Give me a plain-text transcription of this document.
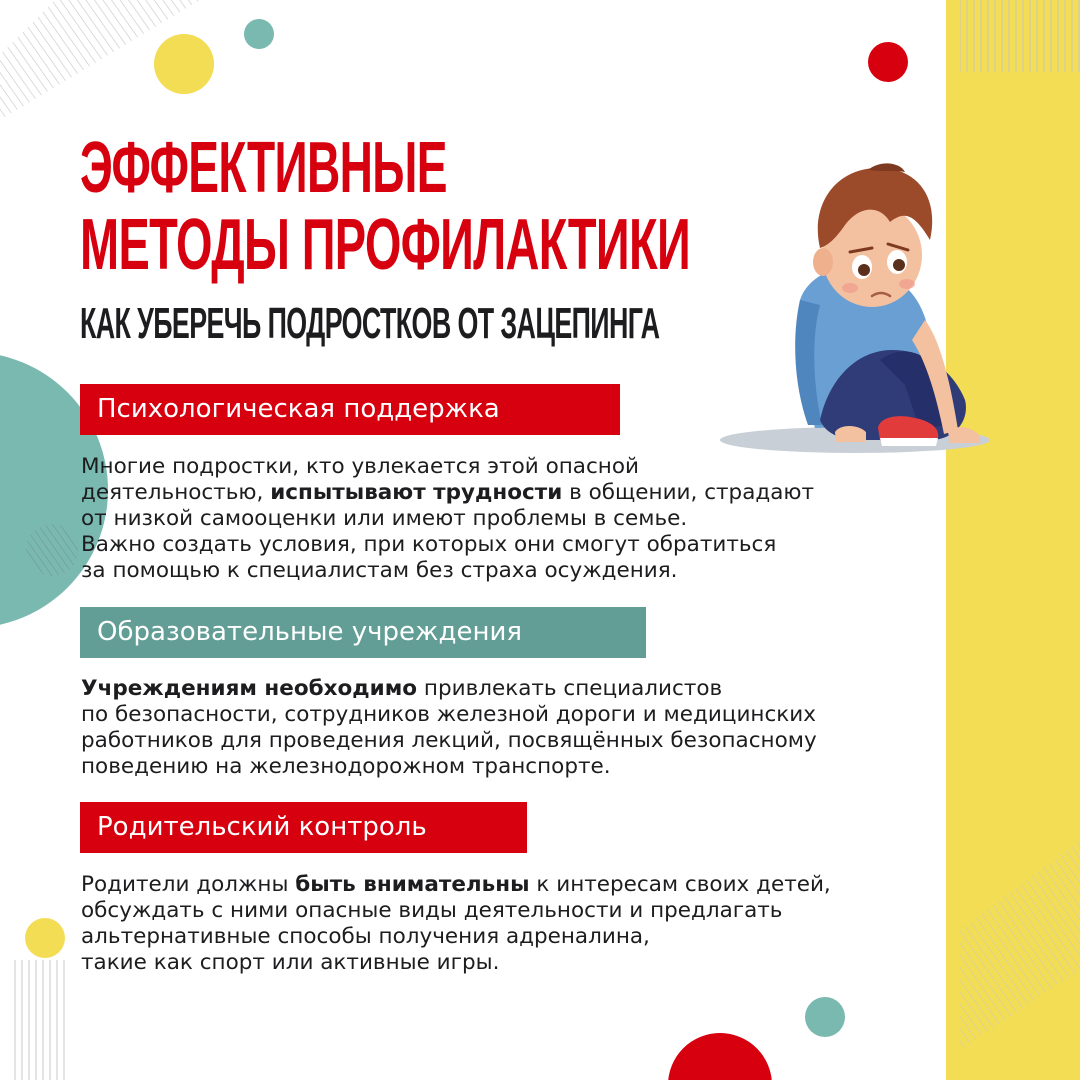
ЭФФЕКТИВНЫЕ
МЕТОДЫ ПРОФИЛАКТИКИ
КАК УБЕРЕЧЬ ПОДРОСТКОВ ОТ ЗАЦЕПИНГА
Психологическая поддержка

Многие подростки, кто увлекается этой опасной
деятельностью, испытывают трудности в общении, страдают
от низкой самооценки или имеют проблемы в семье.
Важно создать условия, при которых они смогут обратиться
за помощью к специалистам без страха осуждения.

Образовательные учреждения

Учреждениям необходимо привлекать специалистов
по безопасности, сотрудников железной дороги и медицинских
работников для проведения лекций, посвящённых безопасному
поведению на железнодорожном транспорте.

Родительский контроль

Родители должны быть внимательны к интересам своих детей,
обсуждать с ними опасные виды деятельности и предлагать
альтернативные способы получения адреналина,
такие как спорт или активные игры.
